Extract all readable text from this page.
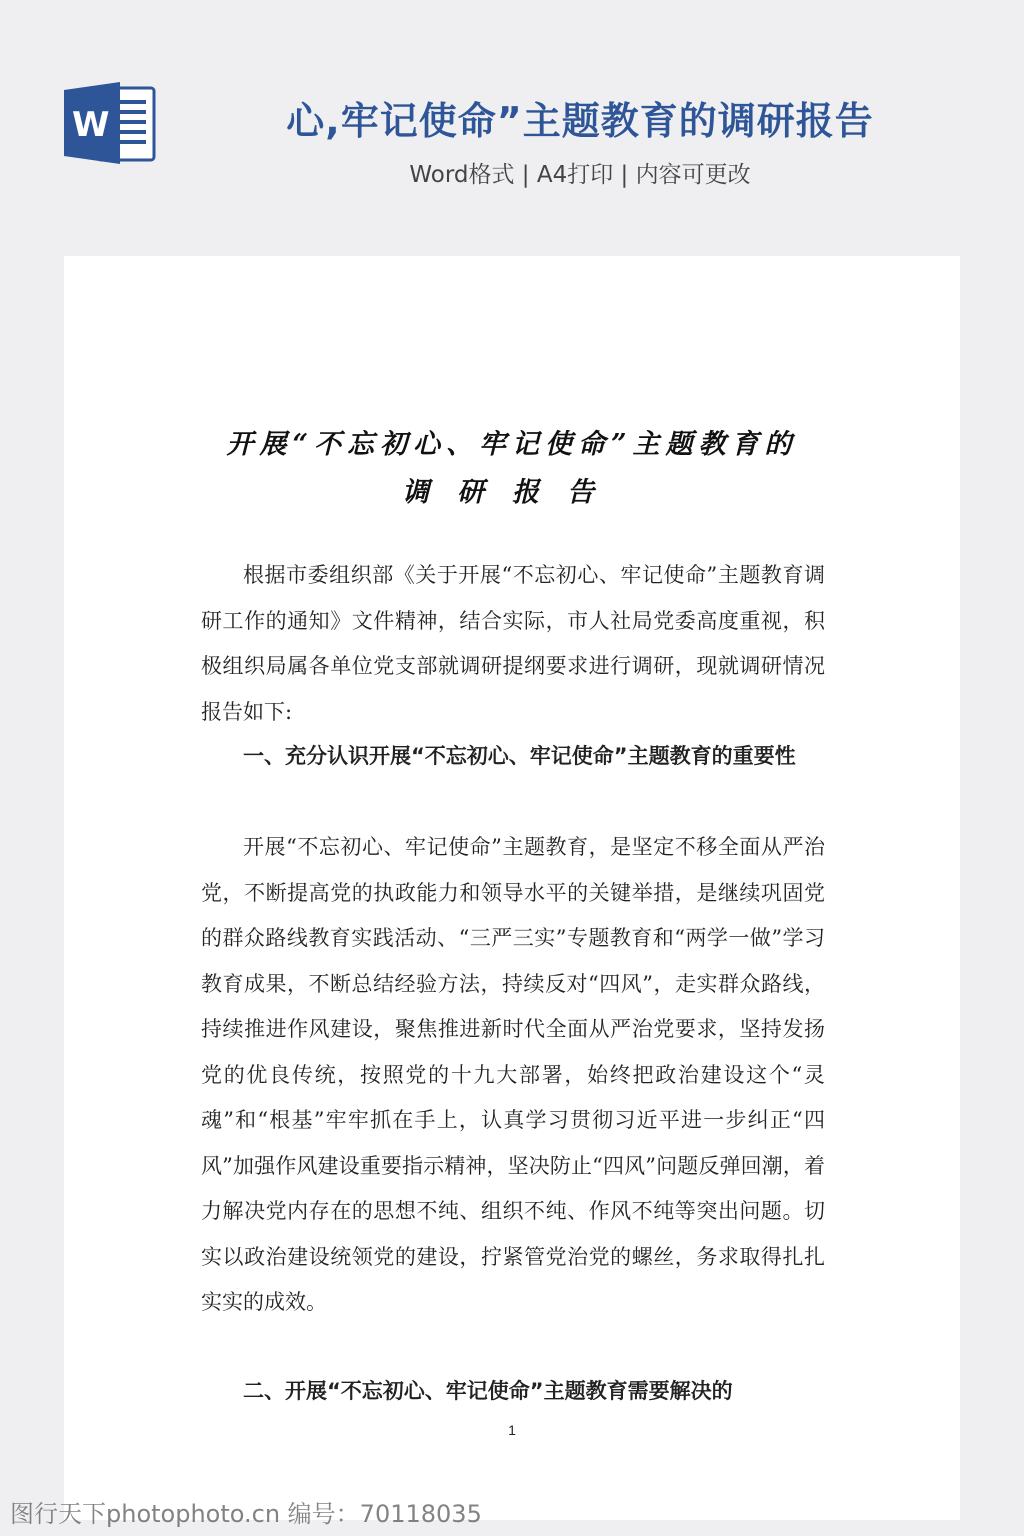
W	心,牢记使命”主题教育的调研报告
Word格式 | A4打印 | 内容可更改
开展“不忘初心、牢记使命”主题教育的
调研报告

根据市委组织部《关于开展“不忘初心、牢记使命”主题教育调研工作的通知》文件精神，结合实际，市人社局党委高度重视，积极组织局属各单位党支部就调研提纲要求进行调研，现就调研情况报告如下:

一、充分认识开展“不忘初心、牢记使命”主题教育的重要性

开展“不忘初心、牢记使命”主题教育，是坚定不移全面从严治党，不断提高党的执政能力和领导水平的关键举措，是继续巩固党的群众路线教育实践活动、“三严三实”专题教育和“两学一做”学习教育成果，不断总结经验方法，持续反对“四风”，走实群众路线，持续推进作风建设，聚焦推进新时代全面从严治党要求，坚持发扬党的优良传统，按照党的十九大部署，始终把政治建设这个“灵魂”和“根基”牢牢抓在手上，认真学习贯彻习近平进一步纠正“四风”加强作风建设重要指示精神，坚决防止“四风”问题反弹回潮，着力解决党内存在的思想不纯、组织不纯、作风不纯等突出问题。切实以政治建设统领党的建设，拧紧管党治党的螺丝，务求取得扎扎实实的成效。

二、开展“不忘初心、牢记使命”主题教育需要解决的

1
图行天下photophoto.cn 编号：70118035
